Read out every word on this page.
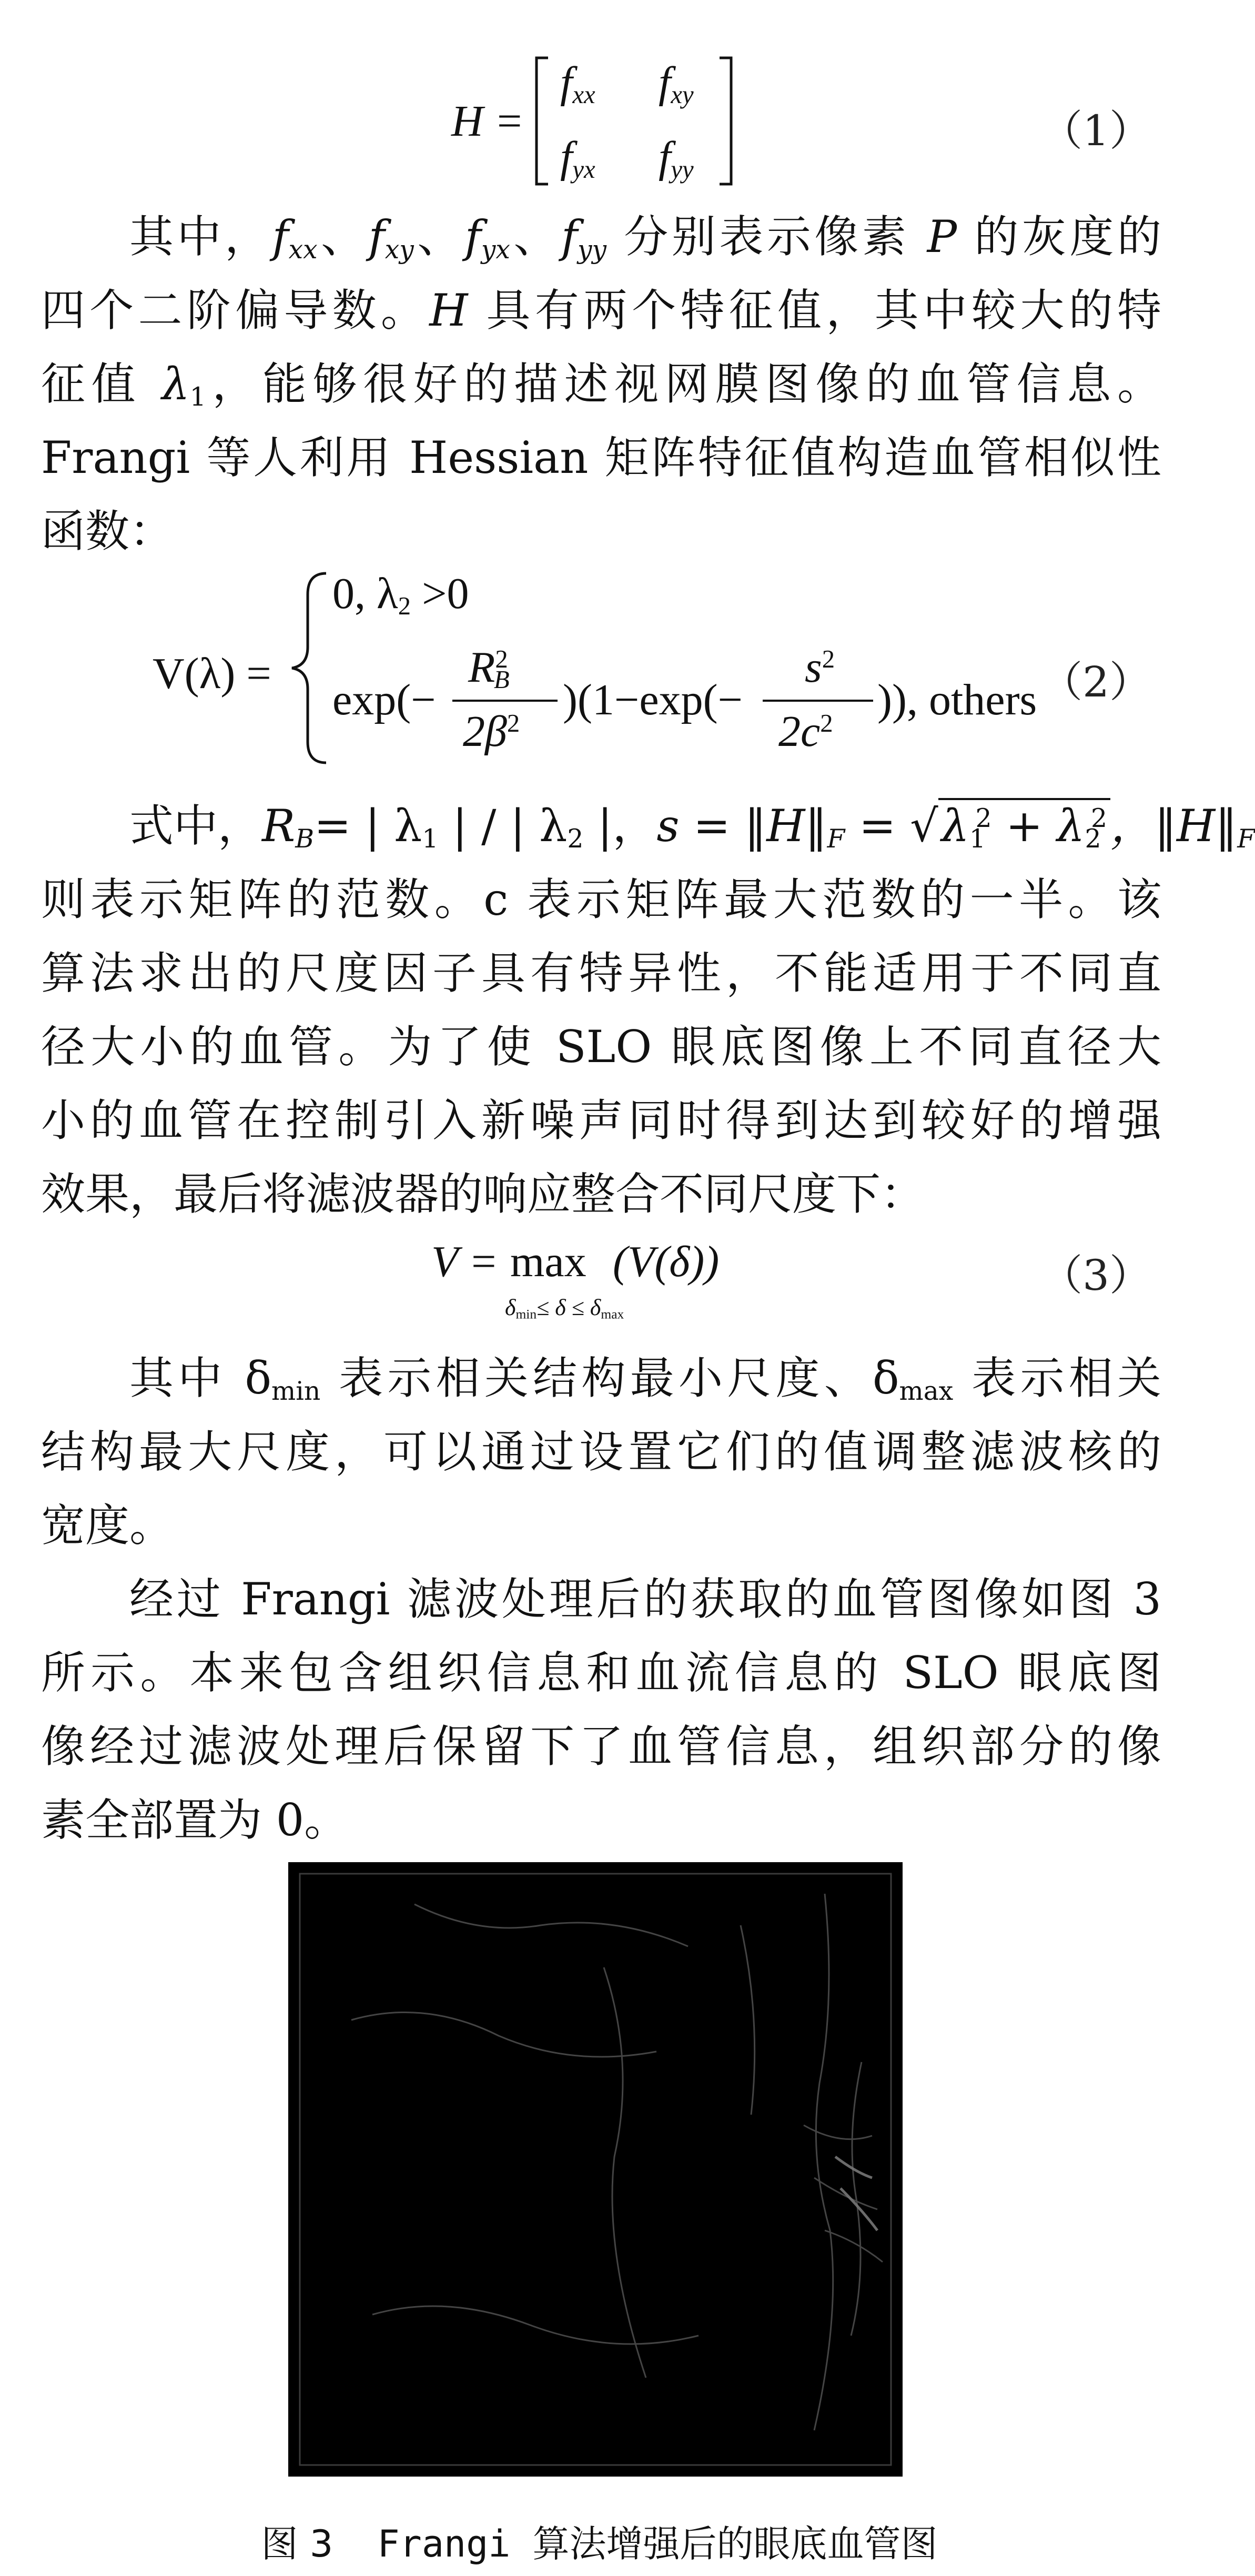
H =
$f_{xx}$ $f_{xy}$
$f_{yx}$ $f_{yy}$
（1）
其中，$f_{xx}$、$f_{xy}$、$f_{yx}$、$f_{yy}$ 分别表示像素 P 的灰度的
四个二阶偏导数。H 具有两个特征值，其中较大的特
征值 $\lambda_1$，能够很好的描述视网膜图像的血管信息。
Frangi 等人利用 Hessian 矩阵特征值构造血管相似性
函数：
V(λ) =
0, $\lambda_2 >0$
exp(−
$R^2_B$
$2\beta^2$ )(1−exp(−
$s^2$
$2c^2$ )), others （2）
式中，$R_B=$ | $\lambda_1$ | / | $\lambda_2$ |，$s = ‖H‖_F = √\lambda_1^2 + \lambda_2^2$，$‖H‖_F$
则表示矩阵的范数。c 表示矩阵最大范数的一半。该
算法求出的尺度因子具有特异性，不能适用于不同直
径大小的血管。为了使 SLO 眼底图像上不同直径大
小的血管在控制引入新噪声同时得到达到较好的增强
效果，最后将滤波器的响应整合不同尺度下：
V = max
$\delta_{min}\le \delta \le \delta_{max}$
(V(δ))	（3）
其中 $\delta_{min}$ 表示相关结构最小尺度、$\delta_{max}$ 表示相关
结构最大尺度，可以通过设置它们的值调整滤波核的
宽度。
经过 Frangi 滤波处理后的获取的血管图像如图 3
所示。本来包含组织信息和血流信息的 SLO 眼底图
像经过滤波处理后保留下了血管信息，组织部分的像
素全部置为 0。
图 3  Frangi 算法增强后的眼底血管图
